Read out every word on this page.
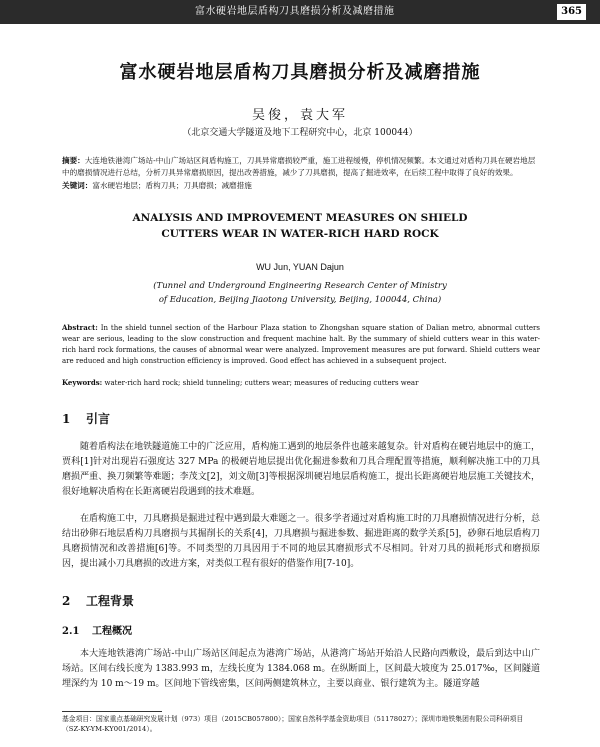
富水硬岩地层盾构刀具磨损分析及减磨措施	365
富水硬岩地层盾构刀具磨损分析及减磨措施
吴俊，袁大军
（北京交通大学隧道及地下工程研究中心，北京 100044）
摘要：大连地铁港湾广场站-中山广场站区间盾构施工，刀具异常磨损较严重，施工进程缓慢，停机情况频繁。本文通过对盾构刀具在硬岩地层中的磨损情况进行总结，分析刀具异常磨损原因，提出改善措施，减少了刀具磨损，提高了掘进效率，在后续工程中取得了良好的效果。
关键词：富水硬岩地层；盾构刀具；刀具磨损；减磨措施
ANALYSIS AND IMPROVEMENT MEASURES ON SHIELD
CUTTERS WEAR IN WATER-RICH HARD ROCK
WU Jun, YUAN Dajun
(Tunnel and Underground Engineering Research Center of Ministry
of Education, Beijing Jiaotong University, Beijing, 100044, China)
Abstract: In the shield tunnel section of the Harbour Plaza station to Zhongshan square station of Dalian metro, abnormal cutters wear are serious, leading to the slow construction and frequent machine halt. By the summary of shield cutters wear in this water-rich hard rock formations, the causes of abnormal wear were analyzed. Improvement measures are put forward. Shield cutters wear are reduced and high construction efficiency is improved. Good effect has achieved in a subsequent project.
Keywords: water-rich hard rock; shield tunneling; cutters wear; measures of reducing cutters wear
1 引言
随着盾构法在地铁隧道施工中的广泛应用，盾构施工遇到的地层条件也越来越复杂。针对盾构在硬岩地层中的施工，贾科[1]针对出现岩石强度达 327 MPa 的极硬岩地层提出优化掘进参数和刀具合理配置等措施，顺利解决施工中的刀具磨损严重、换刀频繁等难题；李茂文[2]，刘文勋[3]等根据深圳硬岩地层盾构施工，提出长距离硬岩地层施工关键技术，很好地解决盾构在长距离硬岩段遇到的技术难题。
在盾构施工中，刀具磨损是掘进过程中遇到最大难题之一。很多学者通过对盾构施工时的刀具磨损情况进行分析，总结出砂卵石地层盾构刀具磨损与其掘削长的关系[4]，刀具磨损与掘进参数、掘进距离的数学关系[5]，砂卵石地层盾构刀具磨损情况和改善措施[6]等。不同类型的刀具因用于不同的地层其磨损形式不尽相同。针对刀具的损耗形式和磨损原因，提出减小刀具磨损的改进方案，对类似工程有很好的借鉴作用[7-10]。
2 工程背景
2.1 工程概况
本大连地铁港湾广场站-中山广场站区间起点为港湾广场站，从港湾广场站开始沿人民路向西敷设，最后到达中山广场站。区间右线长度为 1383.993 m，左线长度为 1384.068 m。在纵断面上，区间最大坡度为 25.017‰，区间隧道埋深约为 10 m～19 m。区间地下管线密集，区间两侧建筑林立，主要以商业、银行建筑为主。隧道穿越
基金项目：国家重点基础研究发展计划（973）项目（2015CB057800）；国家自然科学基金资助项目（51178027）；深圳市地铁集团有限公司科研项目（SZ-KY-YM-KY001/2014）。
